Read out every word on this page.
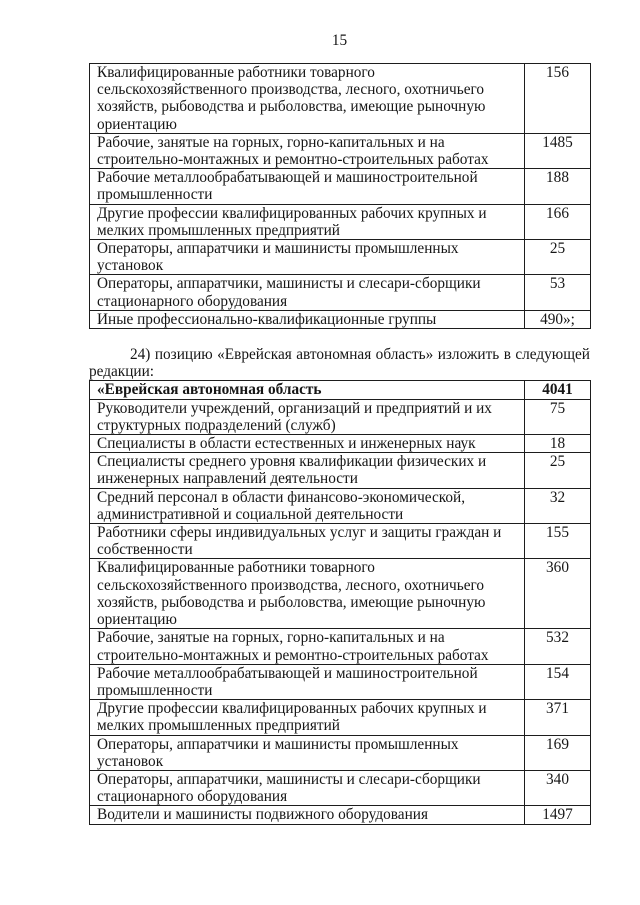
15
Квалифицированные работники товарного
сельскохозяйственного производства, лесного, охотничьего
хозяйств, рыбоводства и рыболовства, имеющие рыночную
ориентацию	156
Рабочие, занятые на горных, горно-капитальных и на
строительно-монтажных и ремонтно-строительных работах	1485
Рабочие металлообрабатывающей и машиностроительной
промышленности	188
Другие профессии квалифицированных рабочих крупных и
мелких промышленных предприятий	166
Операторы, аппаратчики и машинисты промышленных
установок	25
Операторы, аппаратчики, машинисты и слесари-сборщики
стационарного оборудования	53
Иные профессионально-квалификационные группы	490»;

24) позицию «Еврейская автономная область» изложить в следующей редакции:

«Еврейская автономная область	4041
Руководители учреждений, организаций и предприятий и их
структурных подразделений (служб)	75
Специалисты в области естественных и инженерных наук	18
Специалисты среднего уровня квалификации физических и
инженерных направлений деятельности	25
Средний персонал в области финансово-экономической,
административной и социальной деятельности	32
Работники сферы индивидуальных услуг и защиты граждан и
собственности	155
Квалифицированные работники товарного
сельскохозяйственного производства, лесного, охотничьего
хозяйств, рыбоводства и рыболовства, имеющие рыночную
ориентацию	360
Рабочие, занятые на горных, горно-капитальных и на
строительно-монтажных и ремонтно-строительных работах	532
Рабочие металлообрабатывающей и машиностроительной
промышленности	154
Другие профессии квалифицированных рабочих крупных и
мелких промышленных предприятий	371
Операторы, аппаратчики и машинисты промышленных
установок	169
Операторы, аппаратчики, машинисты и слесари-сборщики
стационарного оборудования	340
Водители и машинисты подвижного оборудования	1497
